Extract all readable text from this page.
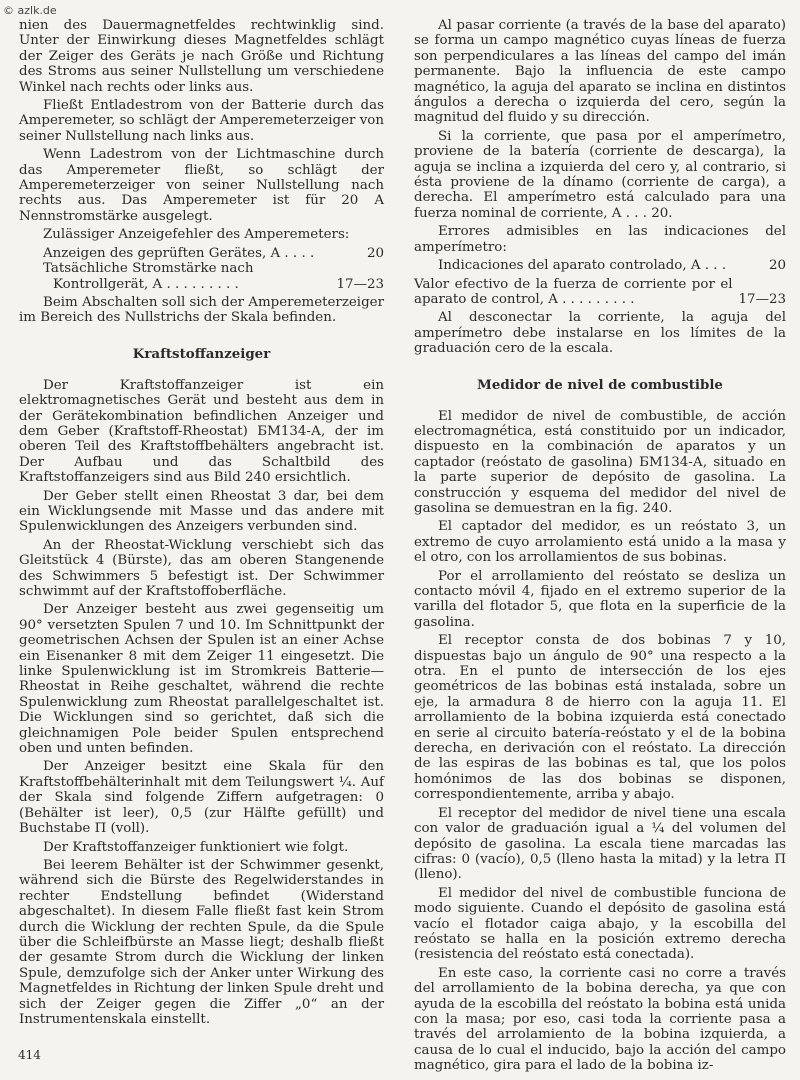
© azlk.de

nien des Dauermagnetfeldes rechtwinklig sind. Unter der Einwirkung dieses Magnetfeldes schlägt der Zeiger des Geräts je nach Größe und Richtung des Stroms aus seiner Nullstellung um verschiedene Winkel nach rechts oder links aus.

Fließt Entladestrom von der Batterie durch das Amperemeter, so schlägt der Amperemeterzeiger von seiner Nullstellung nach links aus.

Wenn Ladestrom von der Lichtmaschine durch das Amperemeter fließt, so schlägt der Amperemeterzeiger von seiner Nullstellung nach rechts aus. Das Amperemeter ist für 20 A Nennstromstärke ausgelegt.

Zulässiger Anzeigefehler des Amperemeters:

Anzeigen des geprüften Gerätes, A . . . .	20
Tatsächliche Stromstärke nach
Kontrollgerät, A . . . . . . . . .	17—23

Beim Abschalten soll sich der Amperemeterzeiger im Bereich des Nullstrichs der Skala befinden.

Kraftstoffanzeiger

Der Kraftstoffanzeiger ist ein elektromagnetisches Gerät und besteht aus dem in der Gerätekombination befindlichen Anzeiger und dem Geber (Kraftstoff-Rheostat) БМ134-А, der im oberen Teil des Kraftstoffbehälters angebracht ist. Der Aufbau und das Schaltbild des Kraftstoffanzeigers sind aus Bild 240 ersichtlich.

Der Geber stellt einen Rheostat 3 dar, bei dem ein Wicklungsende mit Masse und das andere mit Spulenwicklungen des Anzeigers verbunden sind.

An der Rheostat-Wicklung verschiebt sich das Gleitstück 4 (Bürste), das am oberen Stangenende des Schwimmers 5 befestigt ist. Der Schwimmer schwimmt auf der Kraftstoffoberfläche.

Der Anzeiger besteht aus zwei gegenseitig um 90° versetzten Spulen 7 und 10. Im Schnittpunkt der geometrischen Achsen der Spulen ist an einer Achse ein Eisenanker 8 mit dem Zeiger 11 eingesetzt. Die linke Spulenwicklung ist im Stromkreis Batterie—Rheostat in Reihe geschaltet, während die rechte Spulenwicklung zum Rheostat parallelgeschaltet ist. Die Wicklungen sind so gerichtet, daß sich die gleichnamigen Pole beider Spulen entsprechend oben und unten befinden.

Der Anzeiger besitzt eine Skala für den Kraftstoffbehälterinhalt mit dem Teilungswert ¼. Auf der Skala sind folgende Ziffern aufgetragen: 0 (Behälter ist leer), 0,5 (zur Hälfte gefüllt) und Buchstabe П (voll).

Der Kraftstoffanzeiger funktioniert wie folgt.

Bei leerem Behälter ist der Schwimmer gesenkt, während sich die Bürste des Regelwiderstandes in rechter Endstellung befindet (Widerstand abgeschaltet). In diesem Falle fließt fast kein Strom durch die Wicklung der rechten Spule, da die Spule über die Schleifbürste an Masse liegt; deshalb fließt der gesamte Strom durch die Wicklung der linken Spule, demzufolge sich der Anker unter Wirkung des Magnetfeldes in Richtung der linken Spule dreht und sich der Zeiger gegen die Ziffer „0“ an der Instrumentenskala einstellt.

Al pasar corriente (a través de la base del aparato) se forma un campo magnético cuyas líneas de fuerza son perpendiculares a las líneas del campo del imán permanente. Bajo la influencia de este campo magnético, la aguja del aparato se inclina en distintos ángulos a derecha o izquierda del cero, según la magnitud del fluido y su dirección.

Si la corriente, que pasa por el amperímetro, proviene de la batería (corriente de descarga), la aguja se inclina a izquierda del cero y, al contrario, si ésta proviene de la dínamo (corriente de carga), a derecha. El amperímetro está calculado para una fuerza nominal de corriente, A . . . 20.

Errores admisibles en las indicaciones del amperímetro:

Indicaciones del aparato controlado, A . . .	20
Valor efectivo de la fuerza de corriente por el aparato de control, A . . . . . . . . .	17—23

Al desconectar la corriente, la aguja del amperímetro debe instalarse en los límites de la graduación cero de la escala.

Medidor de nivel de combustible

El medidor de nivel de combustible, de acción electromagnética, está constituido por un indicador, dispuesto en la combinación de aparatos y un captador (reóstato de gasolina) БМ134-А, situado en la parte superior de depósito de gasolina. La construcción y esquema del medidor del nivel de gasolina se demuestran en la fig. 240.

El captador del medidor, es un reóstato 3, un extremo de cuyo arrolamiento está unido a la masa y el otro, con los arrollamientos de sus bobinas.

Por el arrollamiento del reóstato se desliza un contacto móvil 4, fijado en el extremo superior de la varilla del flotador 5, que flota en la superficie de la gasolina.

El receptor consta de dos bobinas 7 y 10, dispuestas bajo un ángulo de 90° una respecto a la otra. En el punto de intersección de los ejes geométricos de las bobinas está instalada, sobre un eje, la armadura 8 de hierro con la aguja 11. El arrollamiento de la bobina izquierda está conectado en serie al circuito batería-reóstato y el de la bobina derecha, en derivación con el reóstato. La dirección de las espiras de las bobinas es tal, que los polos homónimos de las dos bobinas se disponen, correspondientemente, arriba y abajo.

El receptor del medidor de nivel tiene una escala con valor de graduación igual a ¼ del volumen del depósito de gasolina. La escala tiene marcadas las cifras: 0 (vacío), 0,5 (lleno hasta la mitad) y la letra П (lleno).

El medidor del nivel de combustible funciona de modo siguiente. Cuando el depósito de gasolina está vacío el flotador caiga abajo, y la escobilla del reóstato se halla en la posición extremo derecha (resistencia del reóstato está conectada).

En este caso, la corriente casi no corre a través del arrollamiento de la bobina derecha, ya que con ayuda de la escobilla del reóstato la bobina está unida con la masa; por eso, casi toda la corriente pasa a través del arrolamiento de la bobina izquierda, a causa de lo cual el inducido, bajo la acción del campo magnético, gira para el lado de la bobina iz-

414
